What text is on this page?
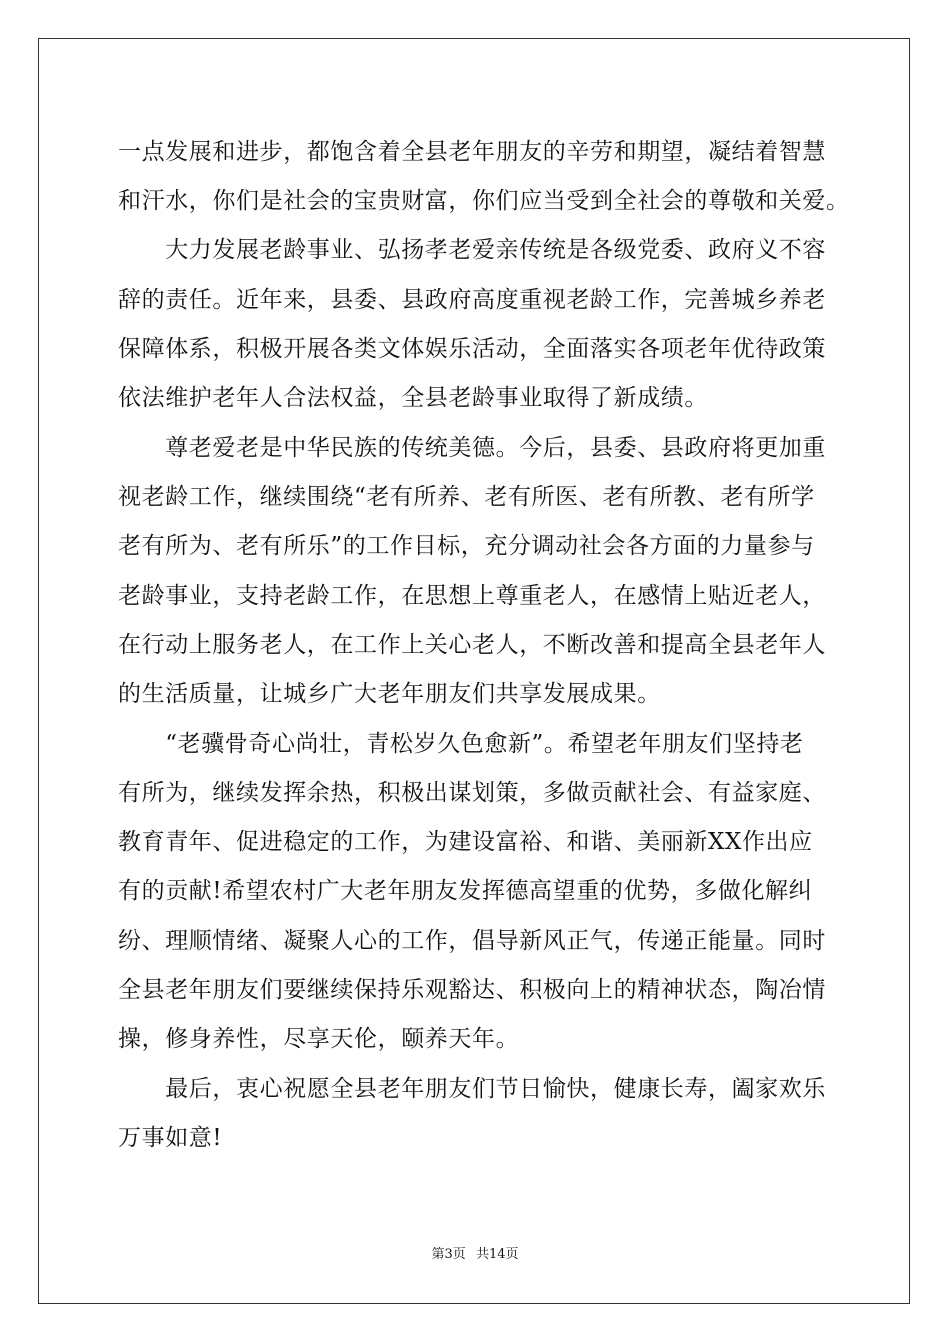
一点发展和进步，都饱含着全县老年朋友的辛劳和期望，凝结着智慧
和汗水，你们是社会的宝贵财富，你们应当受到全社会的尊敬和关爱。
　　大力发展老龄事业、弘扬孝老爱亲传统是各级党委、政府义不容
辞的责任。近年来，县委、县政府高度重视老龄工作，完善城乡养老
保障体系，积极开展各类文体娱乐活动，全面落实各项老年优待政策
依法维护老年人合法权益，全县老龄事业取得了新成绩。
　　尊老爱老是中华民族的传统美德。今后，县委、县政府将更加重
视老龄工作，继续围绕“老有所养、老有所医、老有所教、老有所学
老有所为、老有所乐”的工作目标，充分调动社会各方面的力量参与
老龄事业，支持老龄工作，在思想上尊重老人，在感情上贴近老人，
在行动上服务老人，在工作上关心老人，不断改善和提高全县老年人
的生活质量，让城乡广大老年朋友们共享发展成果。
　　“老骥骨奇心尚壮，青松岁久色愈新”。希望老年朋友们坚持老
有所为，继续发挥余热，积极出谋划策，多做贡献社会、有益家庭、
教育青年、促进稳定的工作，为建设富裕、和谐、美丽新XX作出应
有的贡献!希望农村广大老年朋友发挥德高望重的优势，多做化解纠
纷、理顺情绪、凝聚人心的工作，倡导新风正气，传递正能量。同时
全县老年朋友们要继续保持乐观豁达、积极向上的精神状态，陶冶情
操，修身养性，尽享天伦，颐养天年。
　　最后，衷心祝愿全县老年朋友们节日愉快，健康长寿，阖家欢乐
万事如意!
第3页 共14页
